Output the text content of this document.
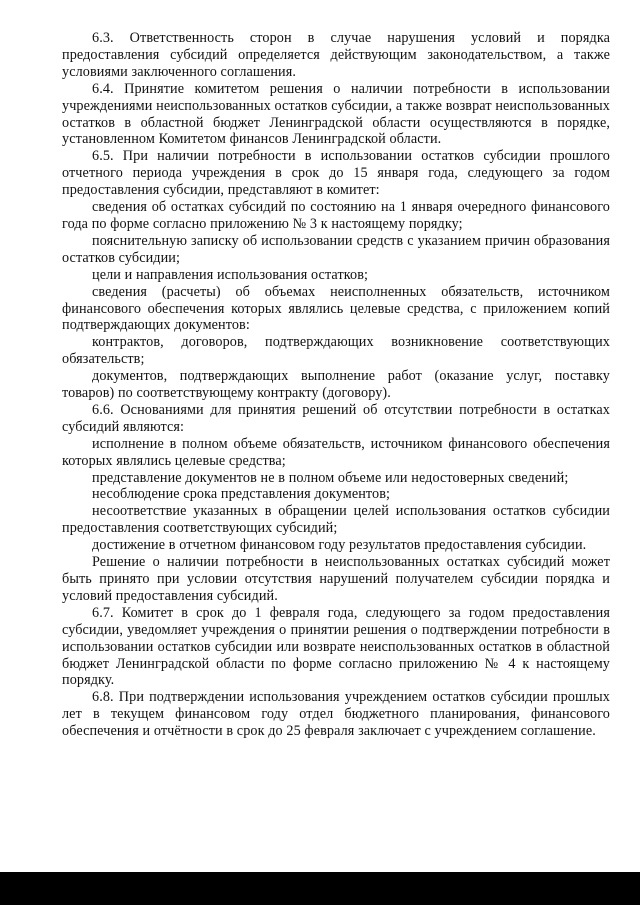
6.3. Ответственность сторон в случае нарушения условий и порядка предоставления субсидий определяется действующим законодательством, а также условиями заключенного соглашения.

6.4. Принятие комитетом решения о наличии потребности в использовании учреждениями неиспользованных остатков субсидии, а также возврат неиспользованных остатков в областной бюджет Ленинградской области осуществляются в порядке, установленном Комитетом финансов Ленинградской области.

6.5. При наличии потребности в использовании остатков субсидии прошлого отчетного периода учреждения в срок до 15 января года, следующего за годом предоставления субсидии, представляют в комитет:

сведения об остатках субсидий по состоянию на 1 января очередного финансового года по форме согласно приложению № 3 к настоящему порядку;

пояснительную записку об использовании средств с указанием причин образования остатков субсидии;

цели и направления использования остатков;

сведения (расчеты) об объемах неисполненных обязательств, источником финансового обеспечения которых являлись целевые средства, с приложением копий подтверждающих документов:

контрактов, договоров, подтверждающих возникновение соответствующих обязательств;

документов, подтверждающих выполнение работ (оказание услуг, поставку товаров) по соответствующему контракту (договору).

6.6. Основаниями для принятия решений об отсутствии потребности в остатках субсидий являются:

исполнение в полном объеме обязательств, источником финансового обеспечения которых являлись целевые средства;

представление документов не в полном объеме или недостоверных сведений;

несоблюдение срока представления документов;

несоответствие указанных в обращении целей использования остатков субсидии предоставления соответствующих субсидий;

достижение в отчетном финансовом году результатов предоставления субсидии.

Решение о наличии потребности в неиспользованных остатках субсидий может быть принято при условии отсутствия нарушений получателем субсидии порядка и условий предоставления субсидий.

6.7. Комитет в срок до 1 февраля года, следующего за годом предоставления субсидии, уведомляет учреждения о принятии решения о подтверждении потребности в использовании остатков субсидии или возврате неиспользованных остатков в областной бюджет Ленинградской области по форме согласно приложению № 4 к настоящему порядку.

6.8. При подтверждении использования учреждением остатков субсидии прошлых лет в текущем финансовом году отдел бюджетного планирования, финансового обеспечения и отчётности в срок до 25 февраля заключает с учреждением соглашение.
